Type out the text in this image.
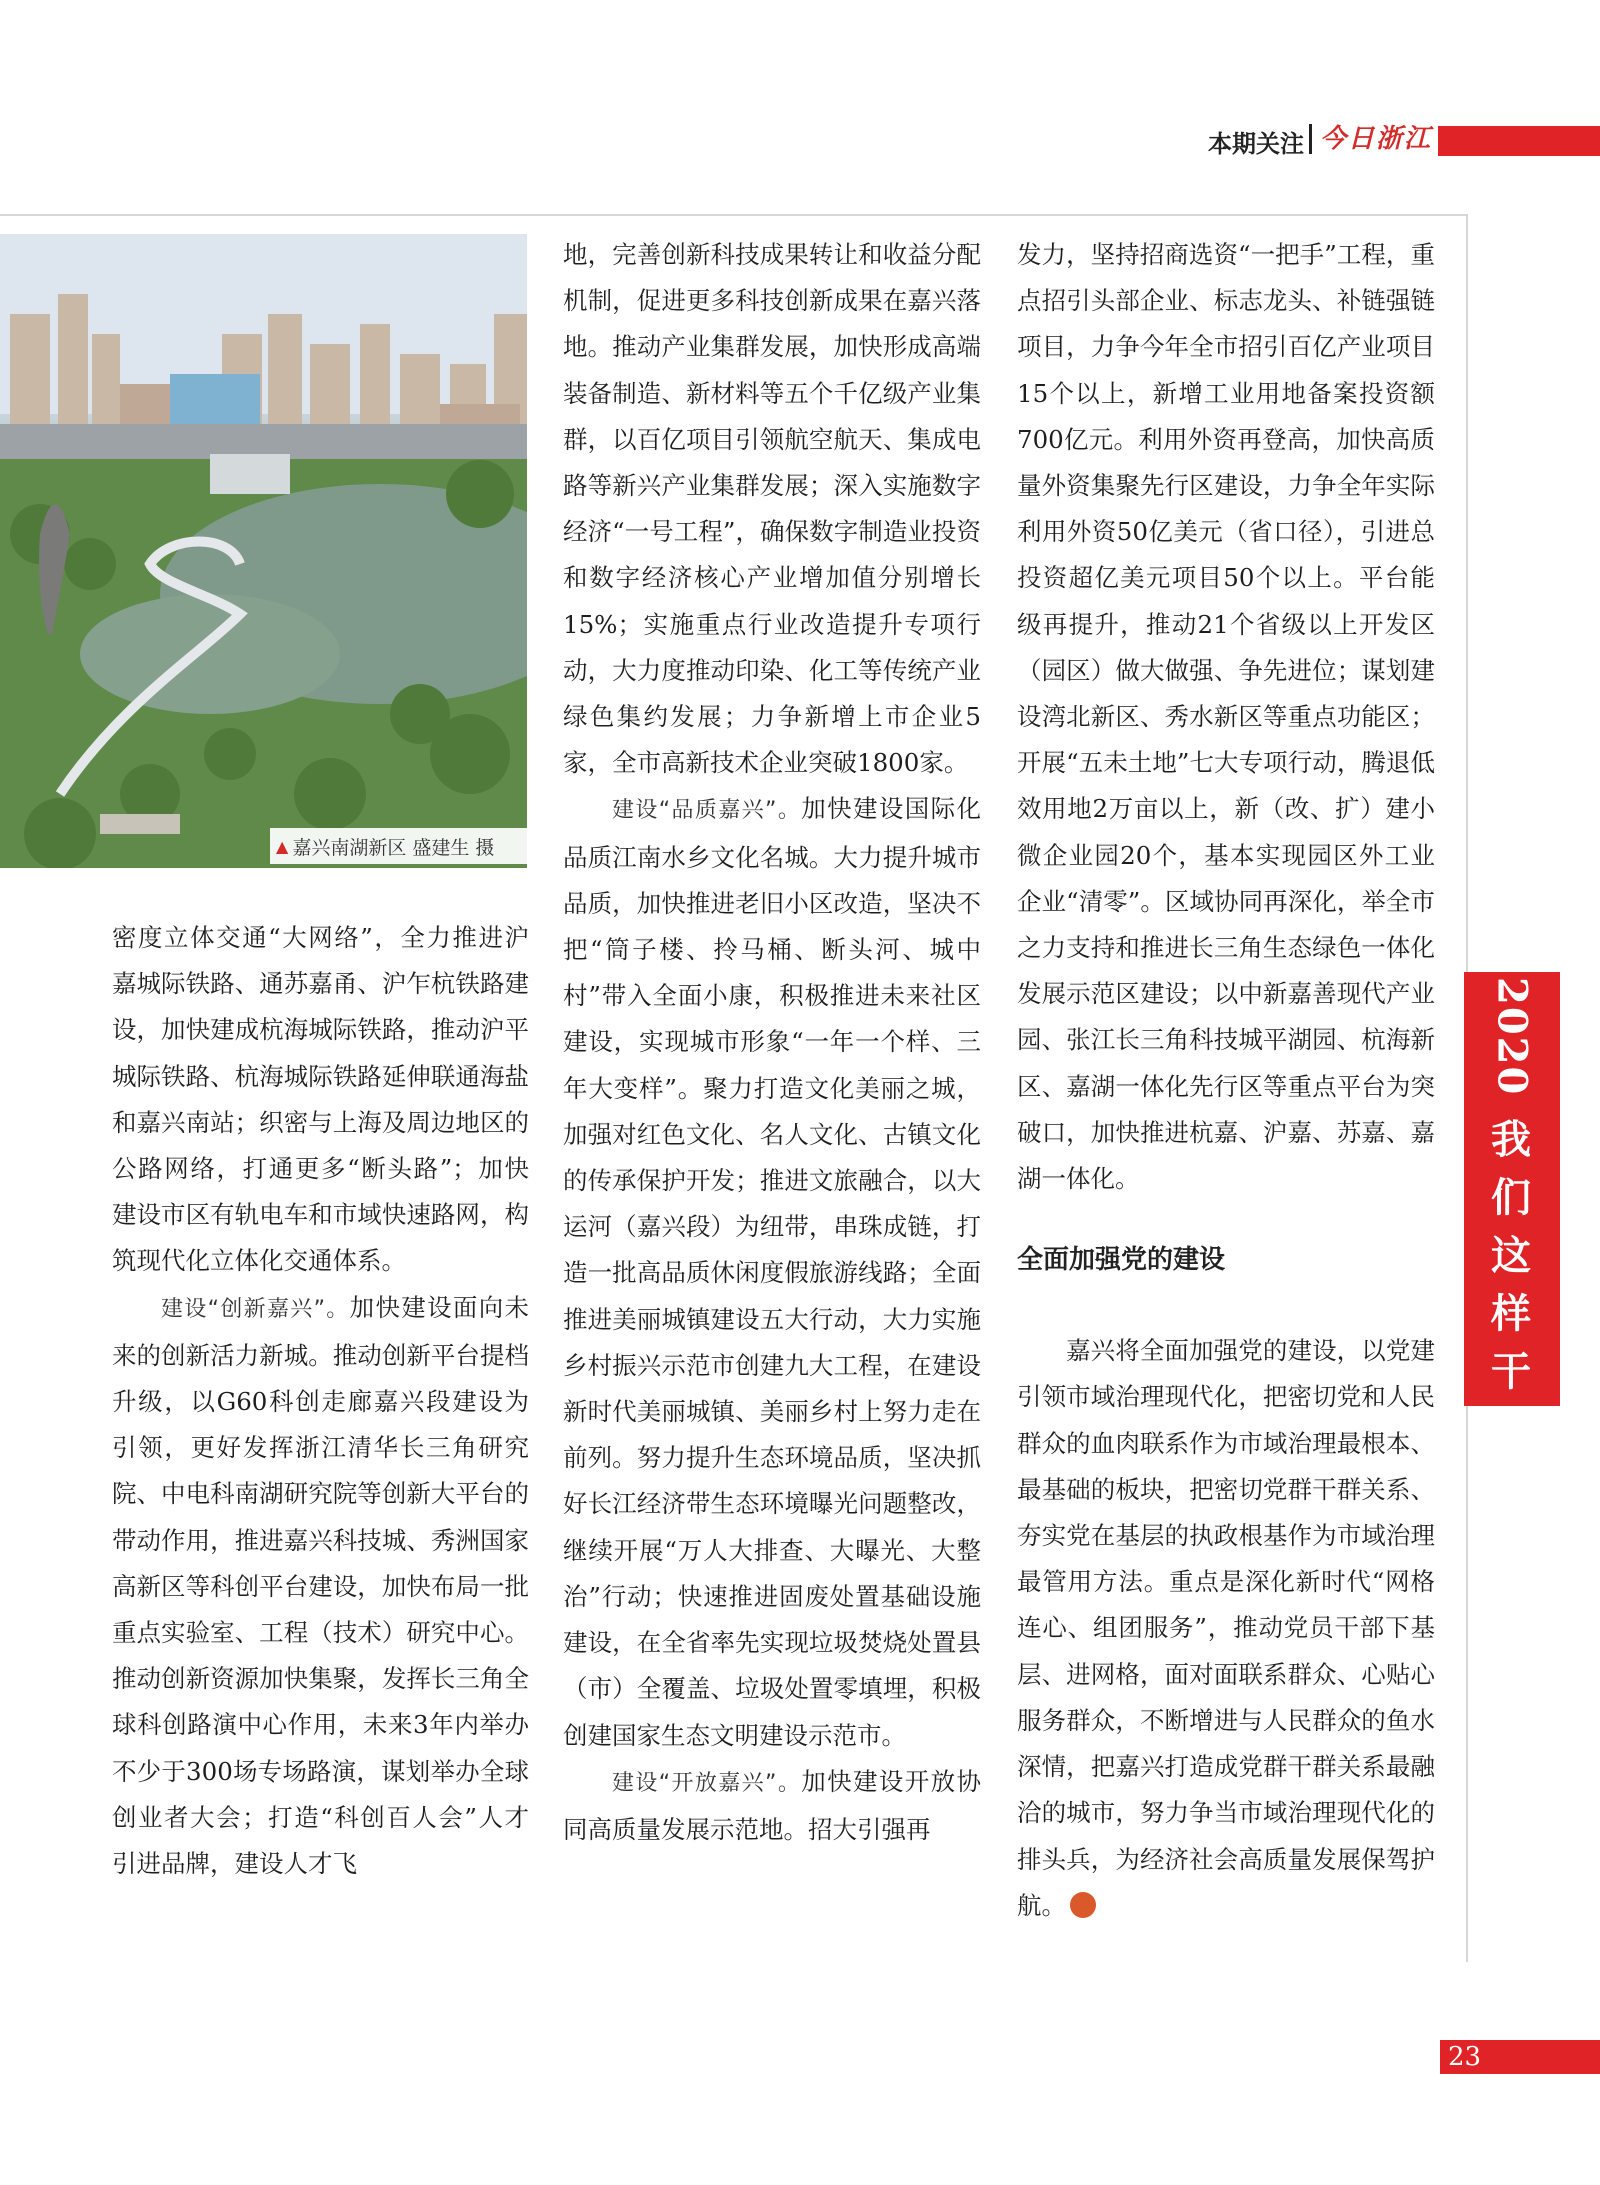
本期关注 今日浙江
▲ 嘉兴南湖新区 盛建生 摄

密度立体交通“大网络”，全力推进沪嘉城际铁路、通苏嘉甬、沪乍杭铁路建设，加快建成杭海城际铁路，推动沪平城际铁路、杭海城际铁路延伸联通海盐和嘉兴南站；织密与上海及周边地区的公路网络，打通更多“断头路”；加快建设市区有轨电车和市域快速路网，构筑现代化立体化交通体系。

建设“创新嘉兴”。加快建设面向未来的创新活力新城。推动创新平台提档升级，以G60科创走廊嘉兴段建设为引领，更好发挥浙江清华长三角研究院、中电科南湖研究院等创新大平台的带动作用，推进嘉兴科技城、秀洲国家高新区等科创平台建设，加快布局一批重点实验室、工程（技术）研究中心。推动创新资源加快集聚，发挥长三角全球科创路演中心作用，未来3年内举办不少于300场专场路演，谋划举办全球创业者大会；打造“科创百人会”人才引进品牌，建设人才飞

地，完善创新科技成果转让和收益分配机制，促进更多科技创新成果在嘉兴落地。推动产业集群发展，加快形成高端装备制造、新材料等五个千亿级产业集群，以百亿项目引领航空航天、集成电路等新兴产业集群发展；深入实施数字经济“一号工程”，确保数字制造业投资和数字经济核心产业增加值分别增长15%；实施重点行业改造提升专项行动，大力度推动印染、化工等传统产业绿色集约发展；力争新增上市企业5家，全市高新技术企业突破1800家。

建设“品质嘉兴”。加快建设国际化品质江南水乡文化名城。大力提升城市品质，加快推进老旧小区改造，坚决不把“筒子楼、拎马桶、断头河、城中村”带入全面小康，积极推进未来社区建设，实现城市形象“一年一个样、三年大变样”。聚力打造文化美丽之城，加强对红色文化、名人文化、古镇文化的传承保护开发；推进文旅融合，以大运河（嘉兴段）为纽带，串珠成链，打造一批高品质休闲度假旅游线路；全面推进美丽城镇建设五大行动，大力实施乡村振兴示范市创建九大工程，在建设新时代美丽城镇、美丽乡村上努力走在前列。努力提升生态环境品质，坚决抓好长江经济带生态环境曝光问题整改，继续开展“万人大排查、大曝光、大整治”行动；快速推进固废处置基础设施建设，在全省率先实现垃圾焚烧处置县（市）全覆盖、垃圾处置零填埋，积极创建国家生态文明建设示范市。

建设“开放嘉兴”。加快建设开放协同高质量发展示范地。招大引强再

发力，坚持招商选资“一把手”工程，重点招引头部企业、标志龙头、补链强链项目，力争今年全市招引百亿产业项目15个以上，新增工业用地备案投资额700亿元。利用外资再登高，加快高质量外资集聚先行区建设，力争全年实际利用外资50亿美元（省口径），引进总投资超亿美元项目50个以上。平台能级再提升，推动21个省级以上开发区（园区）做大做强、争先进位；谋划建设湾北新区、秀水新区等重点功能区；开展“五未土地”七大专项行动，腾退低效用地2万亩以上，新（改、扩）建小微企业园20个，基本实现园区外工业企业“清零”。区域协同再深化，举全市之力支持和推进长三角生态绿色一体化发展示范区建设；以中新嘉善现代产业园、张江长三角科技城平湖园、杭海新区、嘉湖一体化先行区等重点平台为突破口，加快推进杭嘉、沪嘉、苏嘉、嘉湖一体化。

全面加强党的建设

嘉兴将全面加强党的建设，以党建引领市域治理现代化，把密切党和人民群众的血肉联系作为市域治理最根本、最基础的板块，把密切党群干群关系、夯实党在基层的执政根基作为市域治理最管用方法。重点是深化新时代“网格连心、组团服务”，推动党员干部下基层、进网格，面对面联系群众、心贴心服务群众，不断增进与人民群众的鱼水深情，把嘉兴打造成党群干群关系最融洽的城市，努力争当市域治理现代化的排头兵，为经济社会高质量发展保驾护航。

2020
我
们
这
样
干
23
